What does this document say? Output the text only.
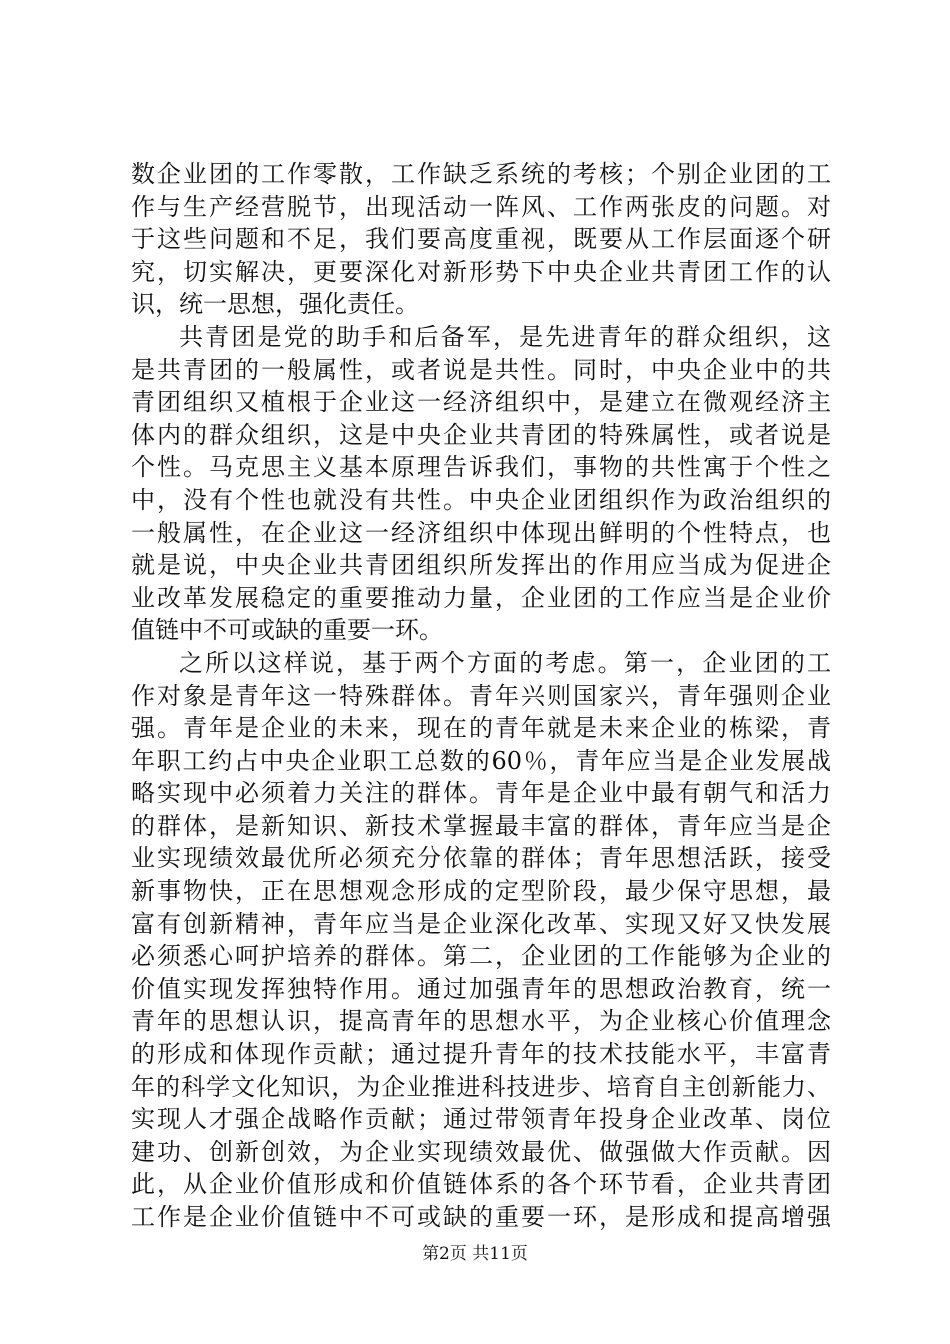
数企业团的工作零散，工作缺乏系统的考核；个别企业团的工
作与生产经营脱节，出现活动一阵风、工作两张皮的问题。对
于这些问题和不足，我们要高度重视，既要从工作层面逐个研
究，切实解决，更要深化对新形势下中央企业共青团工作的认
识，统一思想，强化责任。
共青团是党的助手和后备军，是先进青年的群众组织，这
是共青团的一般属性，或者说是共性。同时，中央企业中的共
青团组织又植根于企业这一经济组织中，是建立在微观经济主
体内的群众组织，这是中央企业共青团的特殊属性，或者说是
个性。马克思主义基本原理告诉我们，事物的共性寓于个性之
中，没有个性也就没有共性。中央企业团组织作为政治组织的
一般属性，在企业这一经济组织中体现出鲜明的个性特点，也
就是说，中央企业共青团组织所发挥出的作用应当成为促进企
业改革发展稳定的重要推动力量，企业团的工作应当是企业价
值链中不可或缺的重要一环。
之所以这样说，基于两个方面的考虑。第一，企业团的工
作对象是青年这一特殊群体。青年兴则国家兴，青年强则企业
强。青年是企业的未来，现在的青年就是未来企业的栋梁，青
年职工约占中央企业职工总数的60％，青年应当是企业发展战
略实现中必须着力关注的群体。青年是企业中最有朝气和活力
的群体，是新知识、新技术掌握最丰富的群体，青年应当是企
业实现绩效最优所必须充分依靠的群体；青年思想活跃，接受
新事物快，正在思想观念形成的定型阶段，最少保守思想，最
富有创新精神，青年应当是企业深化改革、实现又好又快发展
必须悉心呵护培养的群体。第二，企业团的工作能够为企业的
价值实现发挥独特作用。通过加强青年的思想政治教育，统一
青年的思想认识，提高青年的思想水平，为企业核心价值理念
的形成和体现作贡献；通过提升青年的技术技能水平，丰富青
年的科学文化知识，为企业推进科技进步、培育自主创新能力、
实现人才强企战略作贡献；通过带领青年投身企业改革、岗位
建功、创新创效，为企业实现绩效最优、做强做大作贡献。因
此，从企业价值形成和价值链体系的各个环节看，企业共青团
工作是企业价值链中不可或缺的重要一环，是形成和提高增强
第2页 共11页
